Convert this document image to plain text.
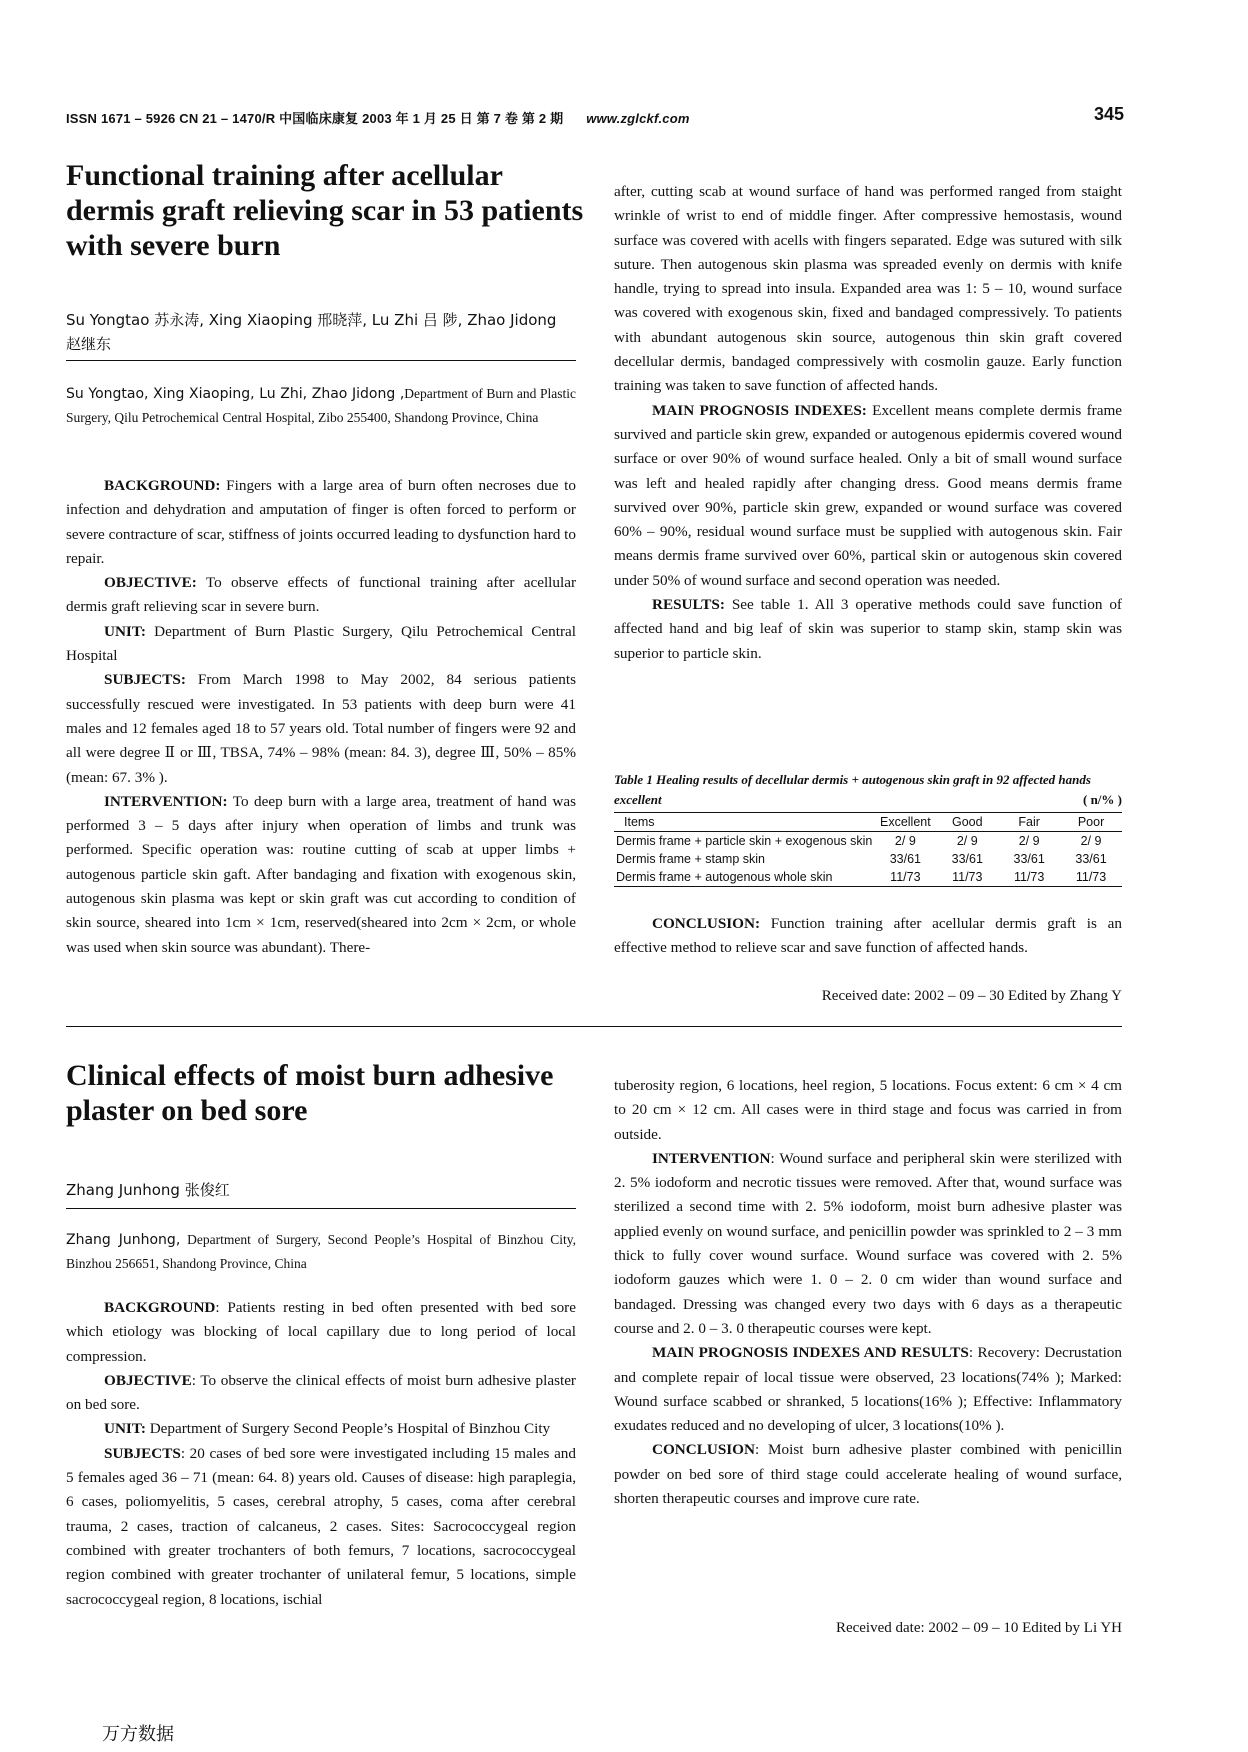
ISSN 1671 – 5926 CN 21 – 1470/R 中国临床康复 2003 年 1 月 25 日 第 7 卷 第 2 期 www.zglckf.com	345
Functional training after acellular dermis graft relieving scar in 53 patients with severe burn
Su Yongtao 苏永涛, Xing Xiaoping 邢晓萍, Lu Zhi 吕 陟, Zhao Jidong 赵继东
Su Yongtao, Xing Xiaoping, Lu Zhi, Zhao Jidong ,Department of Burn and Plastic Surgery, Qilu Petrochemical Central Hospital, Zibo 255400, Shandong Province, China

BACKGROUND: Fingers with a large area of burn often necroses due to infection and dehydration and amputation of finger is often forced to perform or severe contracture of scar, stiffness of joints occurred leading to dysfunction hard to repair.

OBJECTIVE: To observe effects of functional training after acellular dermis graft relieving scar in severe burn.

UNIT: Department of Burn Plastic Surgery, Qilu Petrochemical Central Hospital

SUBJECTS: From March 1998 to May 2002, 84 serious patients successfully rescued were investigated. In 53 patients with deep burn were 41 males and 12 females aged 18 to 57 years old. Total number of fingers were 92 and all were degree Ⅱ or Ⅲ, TBSA, 74% – 98% (mean: 84. 3), degree Ⅲ, 50% – 85% (mean: 67. 3% ).

INTERVENTION: To deep burn with a large area, treatment of hand was performed 3 – 5 days after injury when operation of limbs and trunk was performed. Specific operation was: routine cutting of scab at upper limbs + autogenous particle skin gaft. After bandaging and fixation with exogenous skin, autogenous skin plasma was kept or skin graft was cut according to condition of skin source, sheared into 1cm × 1cm, reserved(sheared into 2cm × 2cm, or whole was used when skin source was abundant). There-

after, cutting scab at wound surface of hand was performed ranged from staight wrinkle of wrist to end of middle finger. After compressive hemostasis, wound surface was covered with acells with fingers separated. Edge was sutured with silk suture. Then autogenous skin plasma was spreaded evenly on dermis with knife handle, trying to spread into insula. Expanded area was 1: 5 – 10, wound surface was covered with exogenous skin, fixed and bandaged compressively. To patients with abundant autogenous skin source, autogenous thin skin graft covered decellular dermis, bandaged compressively with cosmolin gauze. Early function training was taken to save function of affected hands.

MAIN PROGNOSIS INDEXES: Excellent means complete dermis frame survived and particle skin grew, expanded or autogenous epidermis covered wound surface or over 90% of wound surface healed. Only a bit of small wound surface was left and healed rapidly after changing dress. Good means dermis frame survived over 90%, particle skin grew, expanded or wound surface was covered 60% – 90%, residual wound surface must be supplied with autogenous skin. Fair means dermis frame survived over 60%, partical skin or autogenous skin covered under 50% of wound surface and second operation was needed.

RESULTS: See table 1. All 3 operative methods could save function of affected hand and big leaf of skin was superior to stamp skin, stamp skin was superior to particle skin.

Table 1 Healing results of decellular dermis + autogenous skin graft in 92 affected hands excellent	( n/% )
Items	Excellent	Good	Fair	Poor
Dermis frame + particle skin + exogenous skin	2/ 9	2/ 9	2/ 9	2/ 9
Dermis frame + stamp skin	33/61	33/61	33/61	33/61
Dermis frame + autogenous whole skin	11/73	11/73	11/73	11/73

CONCLUSION: Function training after acellular dermis graft is an effective method to relieve scar and save function of affected hands.

Received date: 2002 – 09 – 30 Edited by Zhang Y
Clinical effects of moist burn adhesive plaster on bed sore
Zhang Junhong 张俊红
Zhang Junhong, Department of Surgery, Second People’s Hospital of Binzhou City, Binzhou 256651, Shandong Province, China

BACKGROUND: Patients resting in bed often presented with bed sore which etiology was blocking of local capillary due to long period of local compression.

OBJECTIVE: To observe the clinical effects of moist burn adhesive plaster on bed sore.

UNIT: Department of Surgery Second People’s Hospital of Binzhou City

SUBJECTS: 20 cases of bed sore were investigated including 15 males and 5 females aged 36 – 71 (mean: 64. 8) years old. Causes of disease: high paraplegia, 6 cases, poliomyelitis, 5 cases, cerebral atrophy, 5 cases, coma after cerebral trauma, 2 cases, traction of calcaneus, 2 cases. Sites: Sacrococcygeal region combined with greater trochanters of both femurs, 7 locations, sacrococcygeal region combined with greater trochanter of unilateral femur, 5 locations, simple sacrococcygeal region, 8 locations, ischial

tuberosity region, 6 locations, heel region, 5 locations. Focus extent: 6 cm × 4 cm to 20 cm × 12 cm. All cases were in third stage and focus was carried in from outside.

INTERVENTION: Wound surface and peripheral skin were sterilized with 2. 5% iodoform and necrotic tissues were removed. After that, wound surface was sterilized a second time with 2. 5% iodoform, moist burn adhesive plaster was applied evenly on wound surface, and penicillin powder was sprinkled to 2 – 3 mm thick to fully cover wound surface. Wound surface was covered with 2. 5% iodoform gauzes which were 1. 0 – 2. 0 cm wider than wound surface and bandaged. Dressing was changed every two days with 6 days as a therapeutic course and 2. 0 – 3. 0 therapeutic courses were kept.

MAIN PROGNOSIS INDEXES AND RESULTS: Recovery: Decrustation and complete repair of local tissue were observed, 23 locations(74% ); Marked: Wound surface scabbed or shranked, 5 locations(16% ); Effective: Inflammatory exudates reduced and no developing of ulcer, 3 locations(10% ).

CONCLUSION: Moist burn adhesive plaster combined with penicillin powder on bed sore of third stage could accelerate healing of wound surface, shorten therapeutic courses and improve cure rate.

Received date: 2002 – 09 – 10 Edited by Li YH
万方数据
